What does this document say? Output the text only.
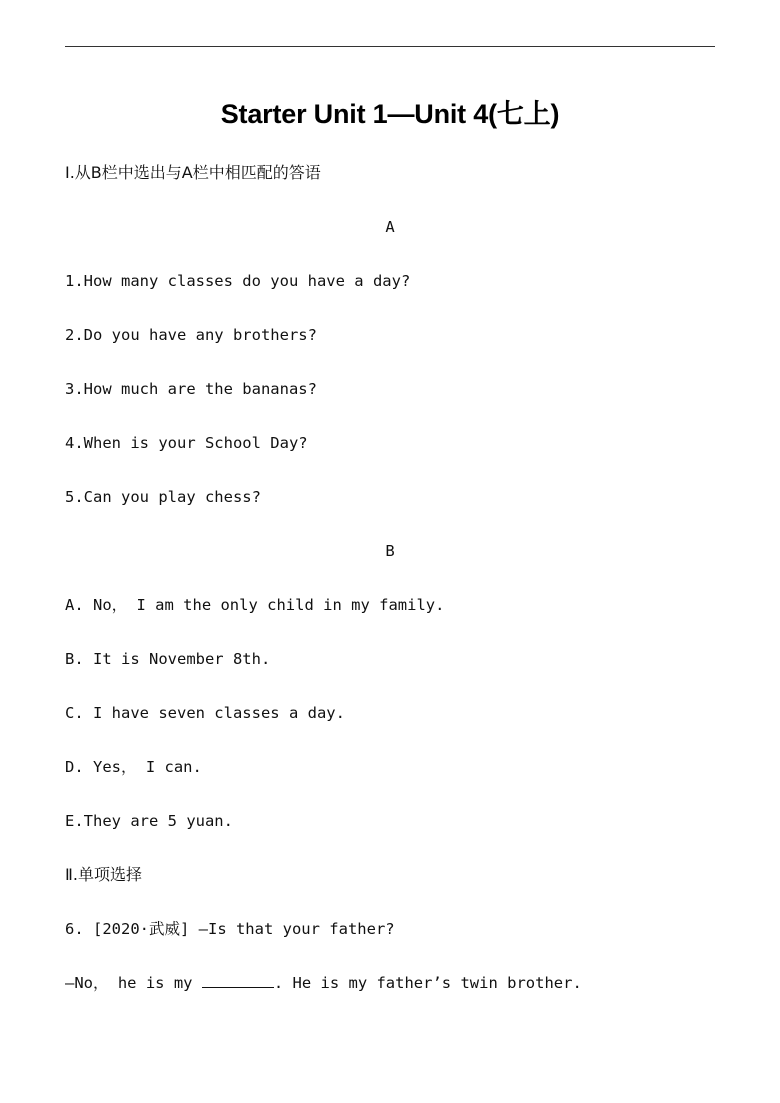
Starter Unit 1—Unit 4(七上)
Ⅰ.从B栏中选出与A栏中相匹配的答语
A
1.How many classes do you have a day?
2.Do you have any brothers?
3.How much are the bananas?
4.When is your School Day?
5.Can you play chess?
B
A. No， I am the only child in my family.
B. It is November 8th.
C. I have seven classes a day.
D. Yes， I can.
E.They are 5 yuan.
Ⅱ.单项选择
6. [2020·武威] —Is that your father?
—No， he is my	. He is my father’s twin brother.
